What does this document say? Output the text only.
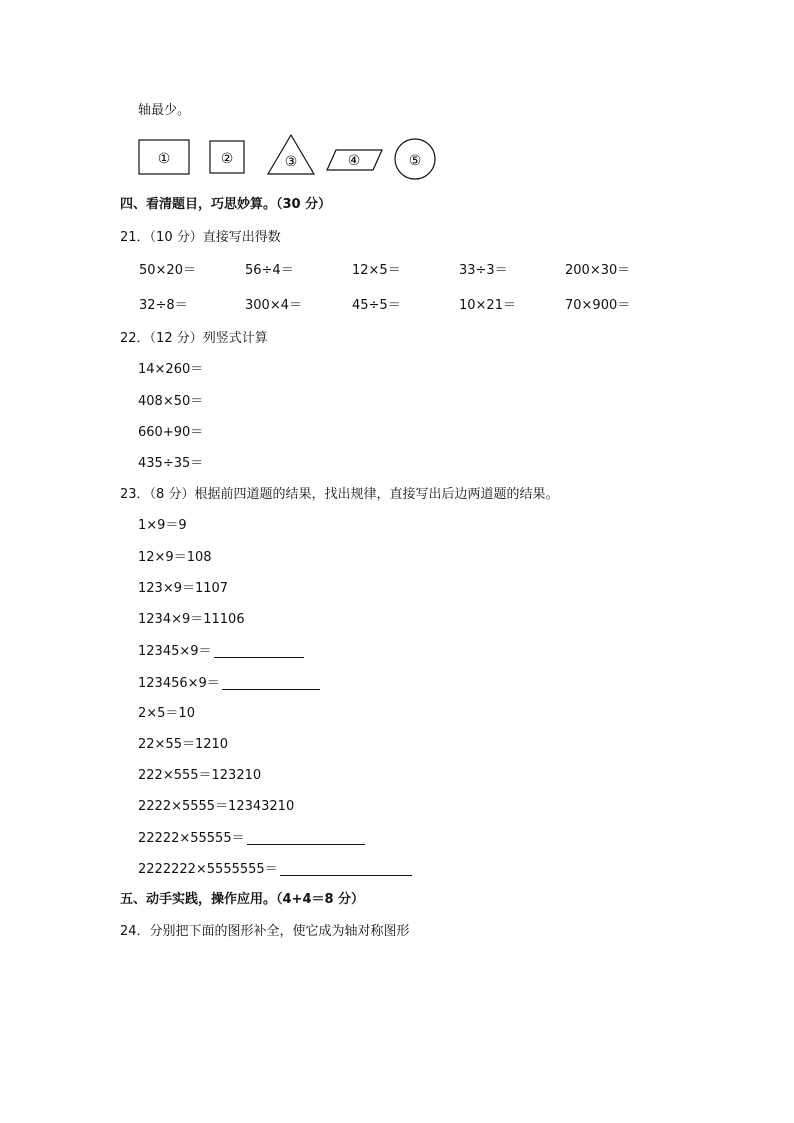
轴最少。
①	②	③	④	⑤
四、看清题目，巧思妙算。（30 分）
21．（10 分）直接写出得数
50×20＝	56÷4＝	12×5＝	33÷3＝	200×30＝
32÷8＝	300×4＝	45÷5＝	10×21＝	70×900＝
22．（12 分）列竖式计算
14×260＝
408×50＝
660+90＝
435÷35＝
23．（8 分）根据前四道题的结果，找出规律，直接写出后边两道题的结果。
1×9＝9
12×9＝108
123×9＝1107
1234×9＝11106
12345×9＝
123456×9＝
2×5＝10
22×55＝1210
222×555＝123210
2222×5555＝12343210
22222×55555＝
2222222×5555555＝
五、动手实践，操作应用。（4+4＝8 分）
24．分别把下面的图形补全，使它成为轴对称图形
